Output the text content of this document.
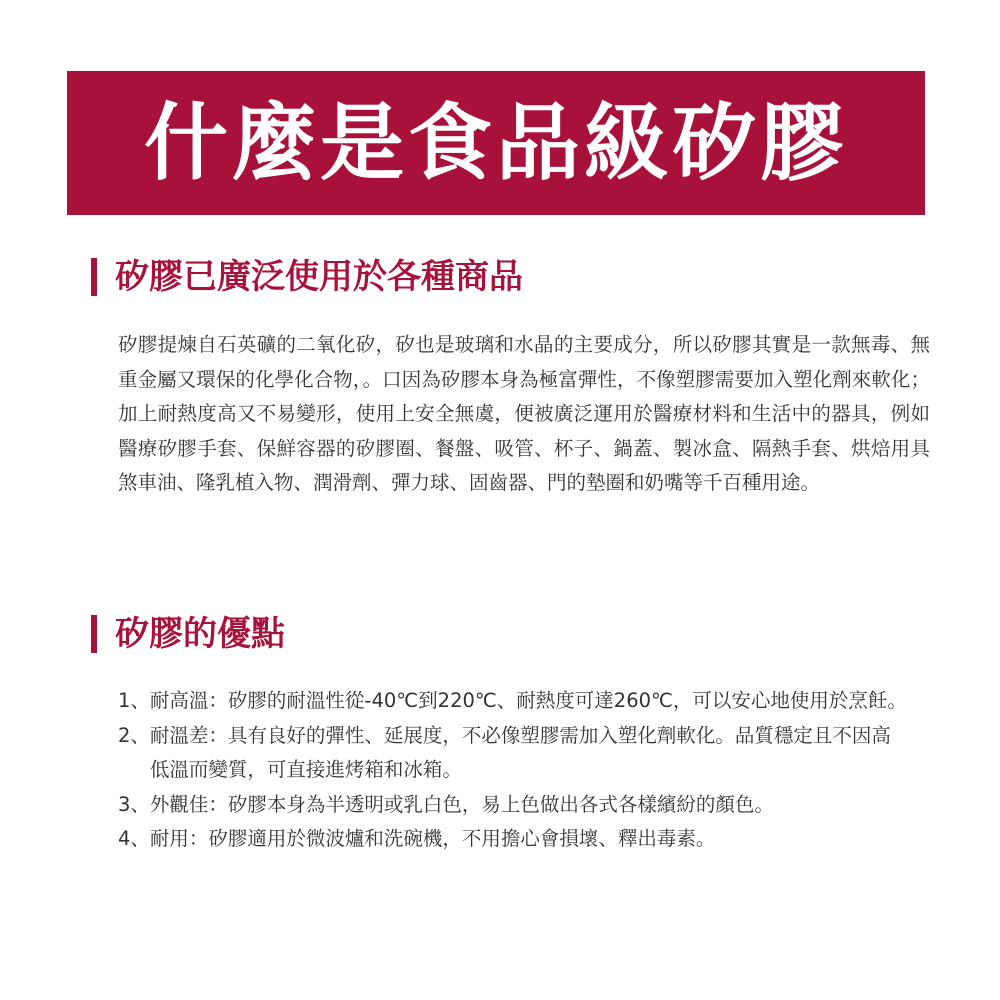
什麼是食品級矽膠
矽膠已廣泛使用於各種商品

矽膠提煉自石英礦的二氧化矽，矽也是玻璃和水晶的主要成分，所以矽膠其實是一款無毒、無重金屬又環保的化學化合物，。口因為矽膠本身為極富彈性，不像塑膠需要加入塑化劑來軟化；加上耐熱度高又不易變形，使用上安全無虞，便被廣泛運用於醫療材料和生活中的器具，例如醫療矽膠手套、保鮮容器的矽膠圈、餐盤、吸管、杯子、鍋蓋、製冰盒、隔熱手套、烘焙用具煞車油、隆乳植入物、潤滑劑、彈力球、固齒器、門的墊圈和奶嘴等千百種用途。

矽膠的優點
1、 耐高溫：矽膠的耐溫性從-40℃到220℃、耐熱度可達260℃，可以安心地使用於烹飪。
2、 耐溫差：具有良好的彈性、延展度，不必像塑膠需加入塑化劑軟化。品質穩定且不因高低溫而變質，可直接進烤箱和冰箱。
3、 外觀佳：矽膠本身為半透明或乳白色，易上色做出各式各樣繽紛的顏色。
4、 耐用：矽膠適用於微波爐和洗碗機，不用擔心會損壞、釋出毒素。
